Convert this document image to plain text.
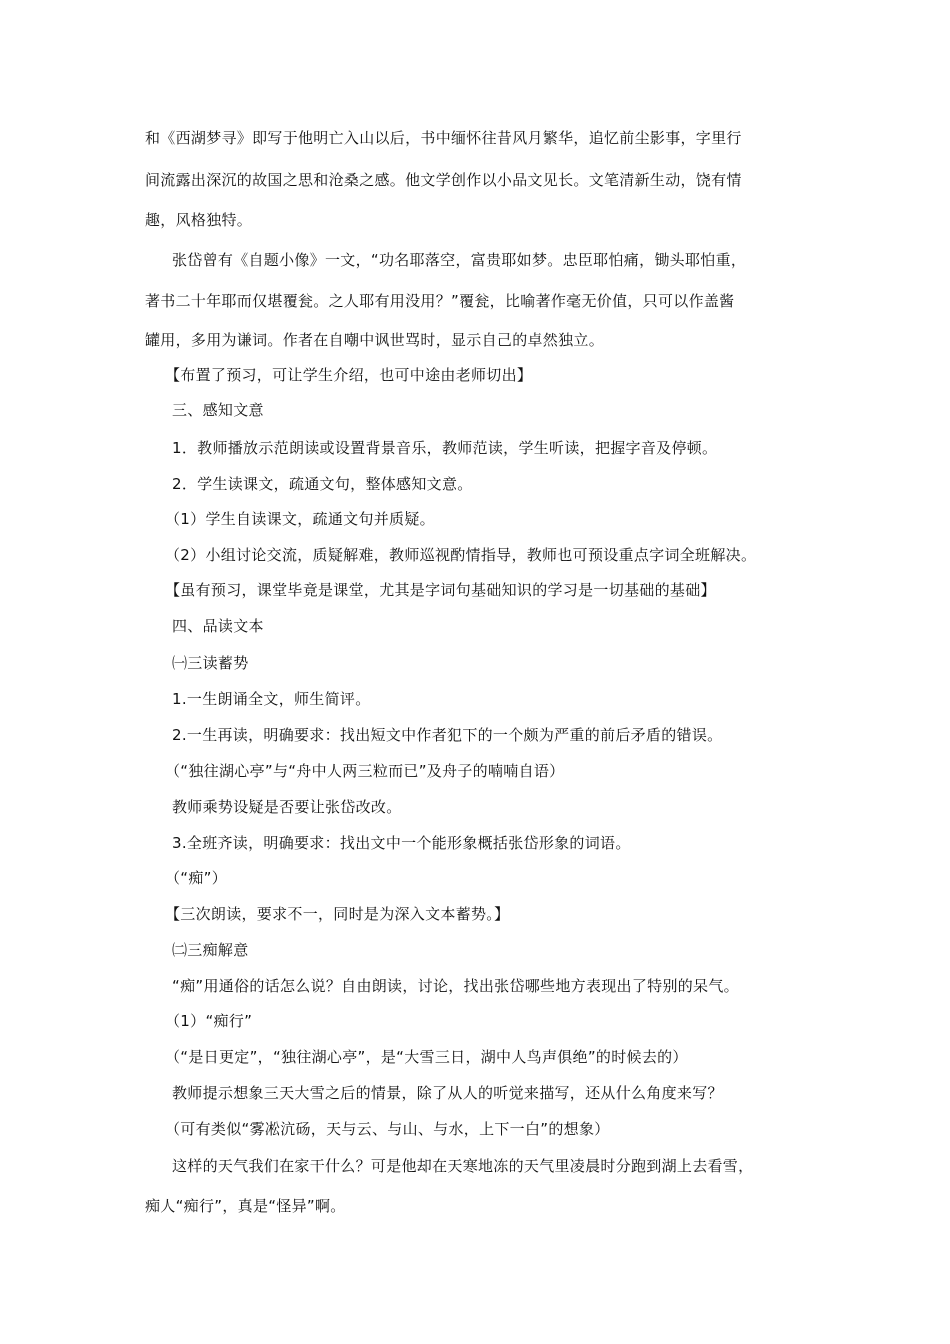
和《西湖梦寻》即写于他明亡入山以后，书中缅怀往昔风月繁华，追忆前尘影事，字里行
间流露出深沉的故国之思和沧桑之感。他文学创作以小品文见长。文笔清新生动，饶有情
趣，风格独特。
张岱曾有《自题小像》一文，“功名耶落空，富贵耶如梦。忠臣耶怕痛，锄头耶怕重，
著书二十年耶而仅堪覆瓮。之人耶有用没用？”覆瓮，比喻著作毫无价值，只可以作盖酱
罐用，多用为谦词。作者在自嘲中讽世骂时，显示自己的卓然独立。
【布置了预习，可让学生介绍，也可中途由老师切出】
三、感知文意
1．教师播放示范朗读或设置背景音乐，教师范读，学生听读，把握字音及停顿。
2．学生读课文，疏通文句，整体感知文意。
（1）学生自读课文，疏通文句并质疑。
（2）小组讨论交流，质疑解难，教师巡视酌情指导，教师也可预设重点字词全班解决。
【虽有预习，课堂毕竟是课堂，尤其是字词句基础知识的学习是一切基础的基础】
四、品读文本
㈠三读蓄势
1.一生朗诵全文，师生简评。
2.一生再读，明确要求：找出短文中作者犯下的一个颇为严重的前后矛盾的错误。
（“独往湖心亭”与“舟中人两三粒而已”及舟子的喃喃自语）
教师乘势设疑是否要让张岱改改。
3.全班齐读，明确要求：找出文中一个能形象概括张岱形象的词语。
（“痴”）
【三次朗读，要求不一，同时是为深入文本蓄势。】
㈡三痴解意
“痴”用通俗的话怎么说？自由朗读，讨论，找出张岱哪些地方表现出了特别的呆气。
（1）“痴行”
（“是日更定”，“独往湖心亭”，是“大雪三日，湖中人鸟声俱绝”的时候去的）
教师提示想象三天大雪之后的情景，除了从人的听觉来描写，还从什么角度来写？
（可有类似“雾凇沆砀，天与云、与山、与水，上下一白”的想象）
这样的天气我们在家干什么？可是他却在天寒地冻的天气里凌晨时分跑到湖上去看雪，
痴人“痴行”，真是“怪异”啊。
